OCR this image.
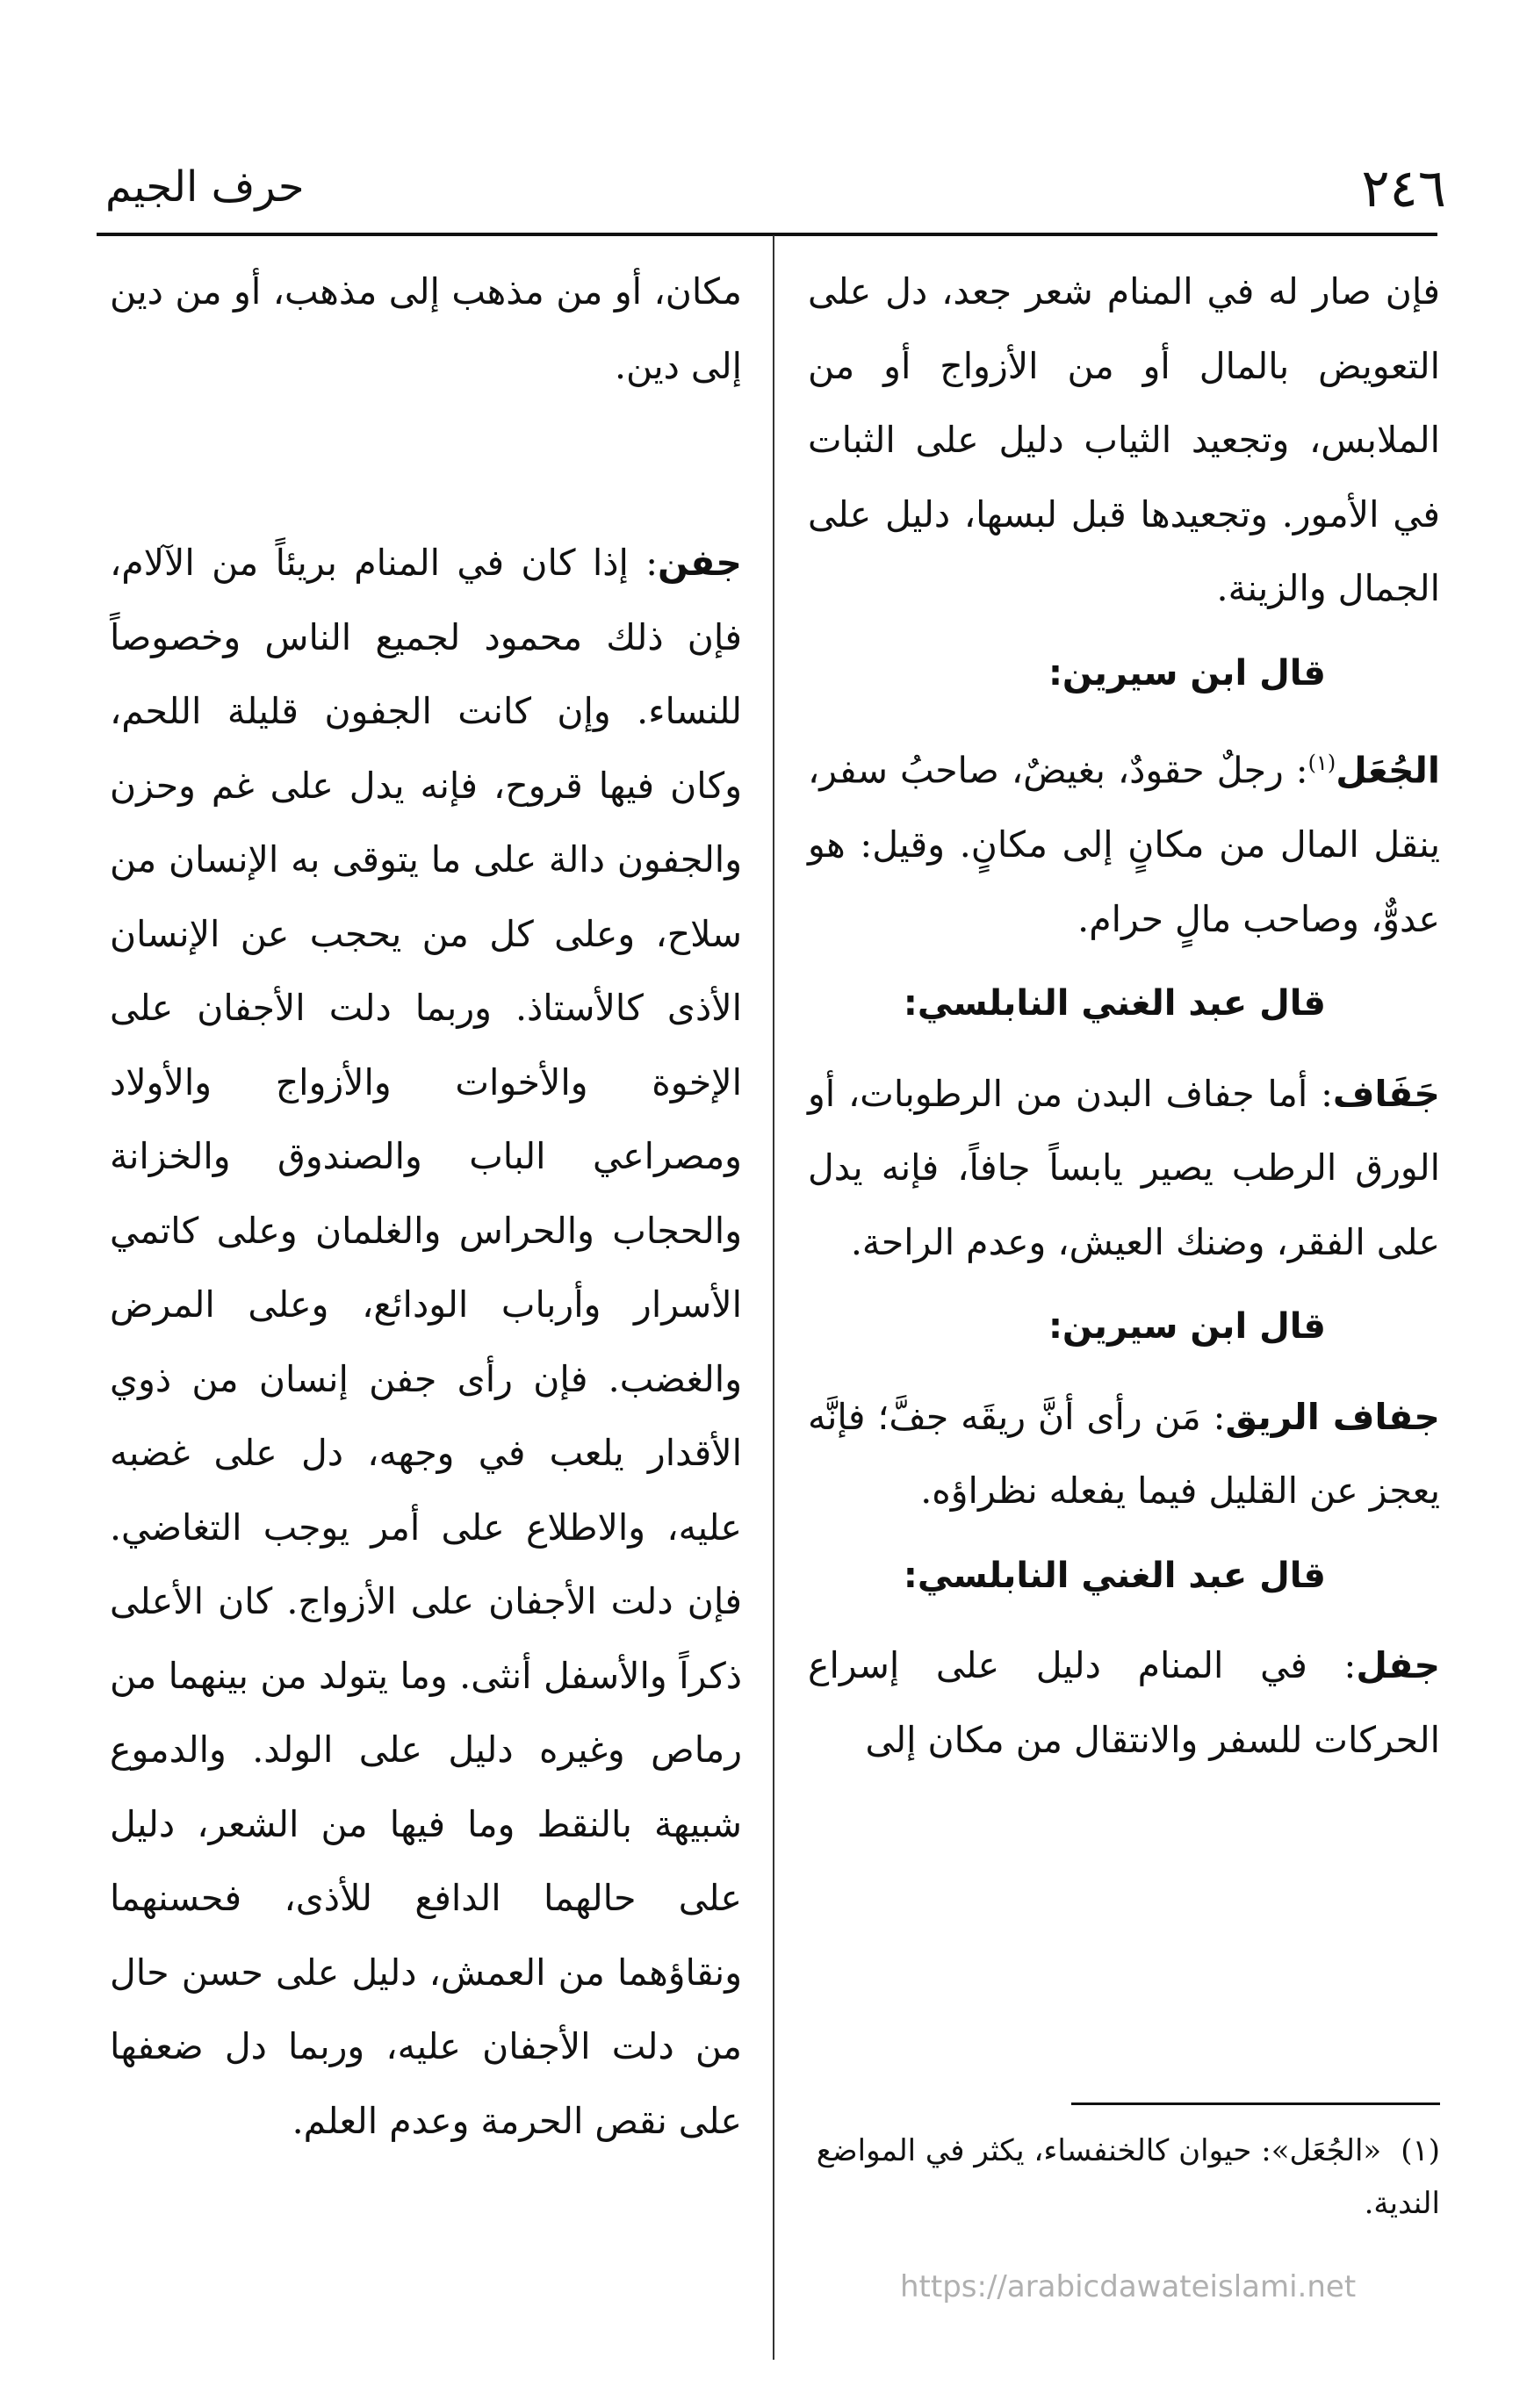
٢٤٦
حرف الجيم

فإن صار له في المنام شعر جعد، دل على التعويض بالمال أو من الأزواج أو من الملابس، وتجعيد الثياب دليل على الثبات في الأمور. وتجعيدها قبل لبسها، دليل على الجمال والزينة.

قال ابن سيرين:

الجُعَل$^{(١)}$: رجلٌ حقودٌ، بغيضٌ، صاحبُ سفر، ينقل المال من مكانٍ إلى مكانٍ. وقيل: هو عدوٌّ، وصاحب مالٍ حرام.

قال عبد الغني النابلسي:

جَفَاف: أما جفاف البدن من الرطوبات، أو الورق الرطب يصير يابساً جافاً، فإنه يدل على الفقر، وضنك العيش، وعدم الراحة.

قال ابن سيرين:

جفاف الريق: مَن رأى أنَّ ريقَه جفَّ؛ فإنَّه يعجز عن القليل فيما يفعله نظراؤه.

قال عبد الغني النابلسي:

جفل: في المنام دليل على إسراع الحركات للسفر والانتقال من مكان إلى

مكان، أو من مذهب إلى مذهب، أو من دين إلى دين.

جفن: إذا كان في المنام بريئاً من الآلام، فإن ذلك محمود لجميع الناس وخصوصاً للنساء. وإن كانت الجفون قليلة اللحم، وكان فيها قروح، فإنه يدل على غم وحزن والجفون دالة على ما يتوقى به الإنسان من سلاح، وعلى كل من يحجب عن الإنسان الأذى كالأستاذ. وربما دلت الأجفان على الإخوة والأخوات والأزواج والأولاد ومصراعي الباب والصندوق والخزانة والحجاب والحراس والغلمان وعلى كاتمي الأسرار وأرباب الودائع، وعلى المرض والغضب. فإن رأى جفن إنسان من ذوي الأقدار يلعب في وجهه، دل على غضبه عليه، والاطلاع على أمر يوجب التغاضي. فإن دلت الأجفان على الأزواج. كان الأعلى ذكراً والأسفل أنثى. وما يتولد من بينهما من رماص وغيره دليل على الولد. والدموع شبيهة بالنقط وما فيها من الشعر، دليل على حالهما الدافع للأذى، فحسنهما ونقاؤهما من العمش، دليل على حسن حال من دلت الأجفان عليه، وربما دل ضعفها على نقص الحرمة وعدم العلم.

(١)«الجُعَل»: حيوان كالخنفساء، يكثر في المواضع الندية.
https://arabicdawateislami.net
